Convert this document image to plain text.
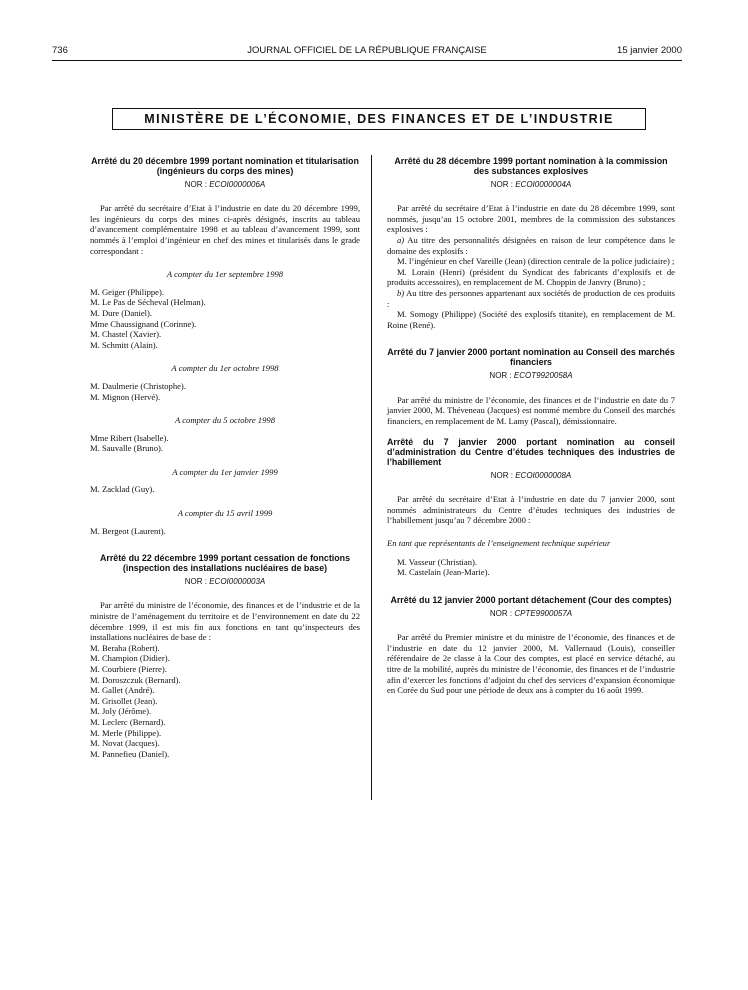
736	JOURNAL OFFICIEL DE LA RÉPUBLIQUE FRANÇAISE	15 janvier 2000
MINISTÈRE DE L’ÉCONOMIE, DES FINANCES ET DE L’INDUSTRIE
Arrêté du 20 décembre 1999 portant nomination et titularisation (ingénieurs du corps des mines)
NOR : ECOI0000006A

Par arrêté du secrétaire d’Etat à l’industrie en date du 20 décembre 1999, les ingénieurs du corps des mines ci-après désignés, inscrits au tableau d’avancement complémentaire 1998 et au tableau d’avancement 1999, sont nommés à l’emploi d’ingénieur en chef des mines et titularisés dans le grade correspondant :

A compter du 1er septembre 1998
M. Geiger (Philippe).
M. Le Pas de Sécheval (Helman).
M. Dure (Daniel).
Mme Chaussignand (Corinne).
M. Chastel (Xavier).
M. Schmitt (Alain).
A compter du 1er octobre 1998
M. Daulmerie (Christophe).
M. Mignon (Hervé).
A compter du 5 octobre 1998
Mme Ribert (Isabelle).
M. Sauvalle (Bruno).
A compter du 1er janvier 1999
M. Zacklad (Guy).
A compter du 15 avril 1999
M. Bergeot (Laurent).
Arrêté du 22 décembre 1999 portant cessation de fonctions (inspection des installations nucléaires de base)
NOR : ECOI0000003A

Par arrêté du ministre de l’économie, des finances et de l’industrie et de la ministre de l’aménagement du territoire et de l’environnement en date du 22 décembre 1999, il est mis fin aux fonctions en tant qu’inspecteurs des installations nucléaires de base de :

M. Beraha (Robert).
M. Champion (Didier).
M. Courbiere (Pierre).
M. Doroszczuk (Bernard).
M. Gallet (André).
M. Grisollet (Jean).
M. Joly (Jérôme).
M. Leclerc (Bernard).
M. Merle (Philippe).
M. Novat (Jacques).
M. Pannefieu (Daniel).
Arrêté du 28 décembre 1999 portant nomination à la commission des substances explosives
NOR : ECOI0000004A

Par arrêté du secrétaire d’Etat à l’industrie en date du 28 décembre 1999, sont nommés, jusqu’au 15 octobre 2001, membres de la commission des substances explosives :

a) Au titre des personnalités désignées en raison de leur compétence dans le domaine des explosifs :

M. l’ingénieur en chef Vareille (Jean) (direction centrale de la police judiciaire) ;

M. Lorain (Henri) (président du Syndicat des fabricants d’explosifs et de produits accessoires), en remplacement de M. Choppin de Janvry (Bruno) ;

b) Au titre des personnes appartenant aux sociétés de production de ces produits :

M. Somogy (Philippe) (Société des explosifs titanite), en remplacement de M. Roine (René).

Arrêté du 7 janvier 2000 portant nomination au Conseil des marchés financiers
NOR : ECOT9920058A

Par arrêté du ministre de l’économie, des finances et de l’industrie en date du 7 janvier 2000, M. Théveneau (Jacques) est nommé membre du Conseil des marchés financiers, en remplacement de M. Lamy (Pascal), démissionnaire.

Arrêté du 7 janvier 2000 portant nomination au conseil d’administration du Centre d’études techniques des industries de l’habillement
NOR : ECOI0000008A

Par arrêté du secrétaire d’Etat à l’industrie en date du 7 janvier 2000, sont nommés administrateurs du Centre d’études techniques des industries de l’habillement jusqu’au 7 décembre 2000 :

En tant que représentants de l’enseignement technique supérieur
M. Vasseur (Christian).
M. Castelain (Jean-Marie).
Arrêté du 12 janvier 2000 portant détachement (Cour des comptes)
NOR : CPTE9900057A

Par arrêté du Premier ministre et du ministre de l’économie, des finances et de l’industrie en date du 12 janvier 2000, M. Vallernaud (Louis), conseiller référendaire de 2e classe à la Cour des comptes, est placé en service détaché, au titre de la mobilité, auprès du ministre de l’économie, des finances et de l’industrie afin d’exercer les fonctions d’adjoint du chef des services d’expansion économique en Corée du Sud pour une période de deux ans à compter du 16 août 1999.
